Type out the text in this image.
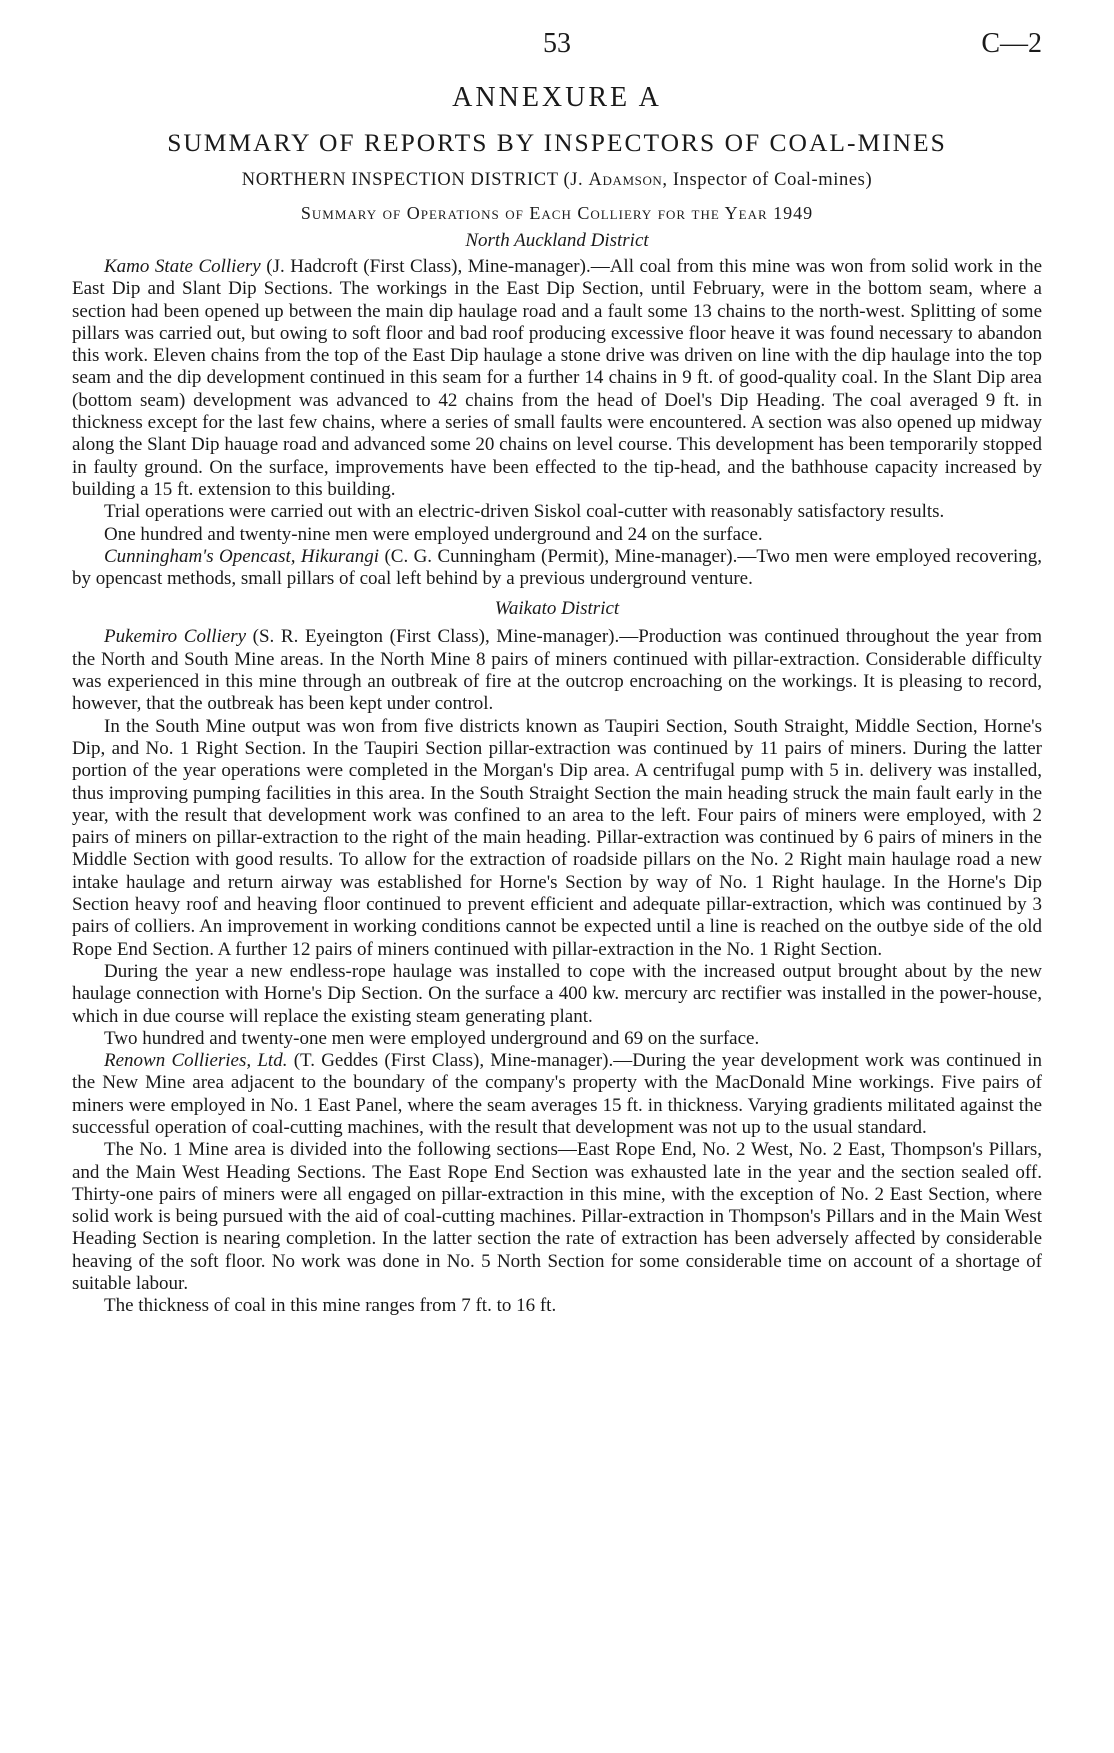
53	C—2
ANNEXURE A
SUMMARY OF REPORTS BY INSPECTORS OF COAL-MINES
NORTHERN INSPECTION DISTRICT (J. Adamson, Inspector of Coal-mines)
Summary of Operations of Each Colliery for the Year 1949
North Auckland District

Kamo State Colliery (J. Hadcroft (First Class), Mine-manager).—All coal from this mine was won from solid work in the East Dip and Slant Dip Sections. The workings in the East Dip Section, until February, were in the bottom seam, where a section had been opened up between the main dip haulage road and a fault some 13 chains to the north-west. Splitting of some pillars was carried out, but owing to soft floor and bad roof producing excessive floor heave it was found necessary to abandon this work. Eleven chains from the top of the East Dip haulage a stone drive was driven on line with the dip haulage into the top seam and the dip development continued in this seam for a further 14 chains in 9 ft. of good-quality coal. In the Slant Dip area (bottom seam) development was advanced to 42 chains from the head of Doel's Dip Heading. The coal averaged 9 ft. in thickness except for the last few chains, where a series of small faults were encountered. A section was also opened up midway along the Slant Dip hauage road and advanced some 20 chains on level course. This development has been temporarily stopped in faulty ground. On the surface, improvements have been effected to the tip-head, and the bathhouse capacity increased by building a 15 ft. extension to this building.

Trial operations were carried out with an electric-driven Siskol coal-cutter with reasonably satisfactory results.

One hundred and twenty-nine men were employed underground and 24 on the surface.

Cunningham's Opencast, Hikurangi (C. G. Cunningham (Permit), Mine-manager).—Two men were employed recovering, by opencast methods, small pillars of coal left behind by a previous underground venture.

Waikato District

Pukemiro Colliery (S. R. Eyeington (First Class), Mine-manager).—Production was continued throughout the year from the North and South Mine areas. In the North Mine 8 pairs of miners continued with pillar-extraction. Considerable difficulty was experienced in this mine through an outbreak of fire at the outcrop encroaching on the workings. It is pleasing to record, however, that the outbreak has been kept under control.

In the South Mine output was won from five districts known as Taupiri Section, South Straight, Middle Section, Horne's Dip, and No. 1 Right Section. In the Taupiri Section pillar-extraction was continued by 11 pairs of miners. During the latter portion of the year operations were completed in the Morgan's Dip area. A centrifugal pump with 5 in. delivery was installed, thus improving pumping facilities in this area. In the South Straight Section the main heading struck the main fault early in the year, with the result that development work was confined to an area to the left. Four pairs of miners were employed, with 2 pairs of miners on pillar-extraction to the right of the main heading. Pillar-extraction was continued by 6 pairs of miners in the Middle Section with good results. To allow for the extraction of roadside pillars on the No. 2 Right main haulage road a new intake haulage and return airway was established for Horne's Section by way of No. 1 Right haulage. In the Horne's Dip Section heavy roof and heaving floor continued to prevent efficient and adequate pillar-extraction, which was continued by 3 pairs of colliers. An improvement in working conditions cannot be expected until a line is reached on the outbye side of the old Rope End Section. A further 12 pairs of miners continued with pillar-extraction in the No. 1 Right Section.

During the year a new endless-rope haulage was installed to cope with the increased output brought about by the new haulage connection with Horne's Dip Section. On the surface a 400 kw. mercury arc rectifier was installed in the power-house, which in due course will replace the existing steam generating plant.

Two hundred and twenty-one men were employed underground and 69 on the surface.

Renown Collieries, Ltd. (T. Geddes (First Class), Mine-manager).—During the year development work was continued in the New Mine area adjacent to the boundary of the company's property with the MacDonald Mine workings. Five pairs of miners were employed in No. 1 East Panel, where the seam averages 15 ft. in thickness. Varying gradients militated against the successful operation of coal-cutting machines, with the result that development was not up to the usual standard.

The No. 1 Mine area is divided into the following sections—East Rope End, No. 2 West, No. 2 East, Thompson's Pillars, and the Main West Heading Sections. The East Rope End Section was exhausted late in the year and the section sealed off. Thirty-one pairs of miners were all engaged on pillar-extraction in this mine, with the exception of No. 2 East Section, where solid work is being pursued with the aid of coal-cutting machines. Pillar-extraction in Thompson's Pillars and in the Main West Heading Section is nearing completion. In the latter section the rate of extraction has been adversely affected by considerable heaving of the soft floor. No work was done in No. 5 North Section for some considerable time on account of a shortage of suitable labour.

The thickness of coal in this mine ranges from 7 ft. to 16 ft.
